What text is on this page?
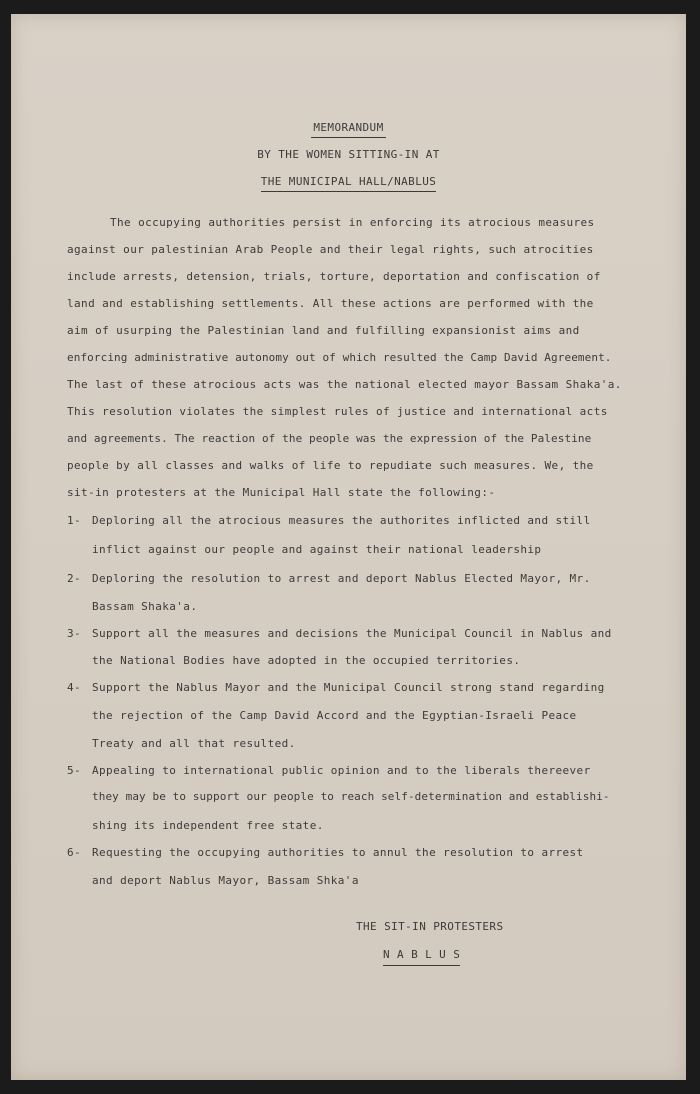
MEMORANDUM
BY THE WOMEN SITTING-IN AT
THE MUNICIPAL HALL/NABLUS
The occupying authorities persist in enforcing its atrocious measures
against our palestinian Arab People and their legal rights, such atrocities
include arrests, detension, trials, torture, deportation and confiscation of
land and establishing settlements. All these actions are performed with the
aim of usurping the Palestinian land and fulfilling expansionist aims and
enforcing administrative autonomy out of which resulted the Camp David Agreement.
The last of these atrocious acts was the national elected mayor Bassam Shaka'a.
This resolution violates the simplest rules of justice and international acts
and agreements. The reaction of the people was the expression of the Palestine
people by all classes and walks of life to repudiate such measures. We, the
sit-in protesters at the Municipal Hall state the following:-
1- Deploring all the atrocious measures the authorites inflicted and still
inflict against our people and against their national leadership
2- Deploring the resolution to arrest and deport Nablus Elected Mayor, Mr.
Bassam Shaka'a.
3- Support all the measures and decisions the Municipal Council in Nablus and
the National Bodies have adopted in the occupied territories.
4- Support the Nablus Mayor and the Municipal Council strong stand regarding
the rejection of the Camp David Accord and the Egyptian-Israeli Peace
Treaty and all that resulted.
5- Appealing to international public opinion and to the liberals thereever
they may be to support our people to reach self-determination and establishi-
shing its independent free state.
6- Requesting the occupying authorities to annul the resolution to arrest
and deport Nablus Mayor, Bassam Shka'a
THE SIT-IN PROTESTERS
N A B L U S
